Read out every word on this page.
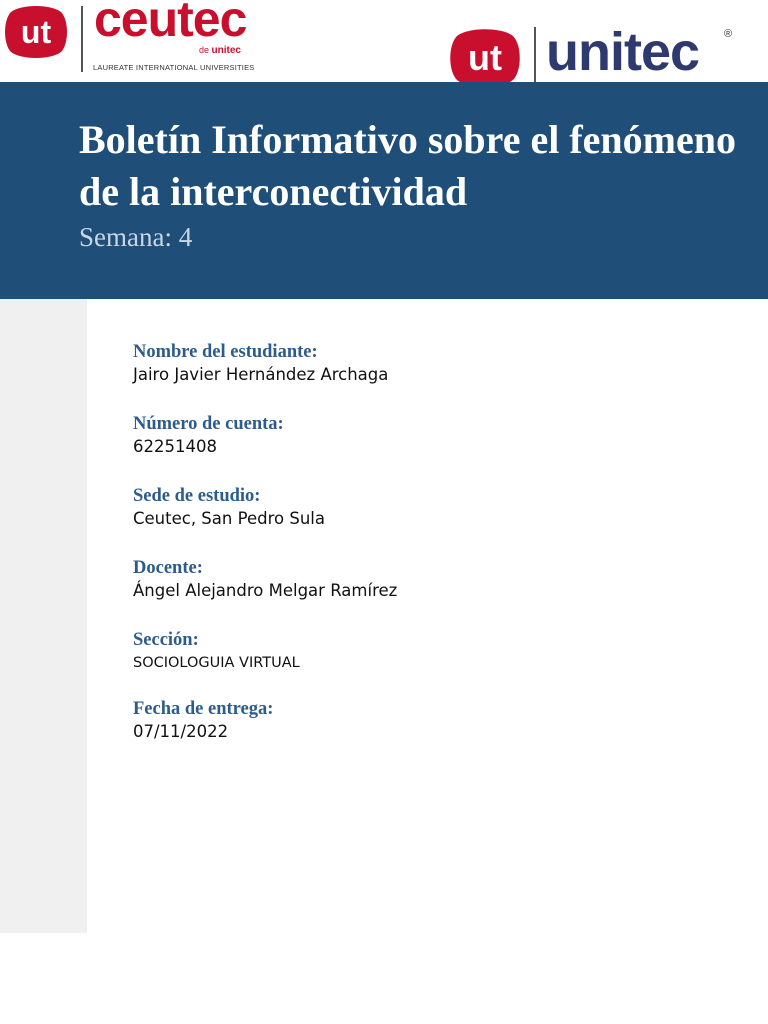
ut ceutec
de unitec
LAUREATE INTERNATIONAL UNIVERSITIES	ut unitec ®
Boletín Informativo sobre el fenómeno de la interconectividad
Semana: 4
Nombre del estudiante:
Jairo Javier Hernández Archaga
Número de cuenta:
62251408
Sede de estudio:
Ceutec, San Pedro Sula
Docente:
Ángel Alejandro Melgar Ramírez
Sección:
SOCIOLOGUIA VIRTUAL
Fecha de entrega:
07/11/2022
